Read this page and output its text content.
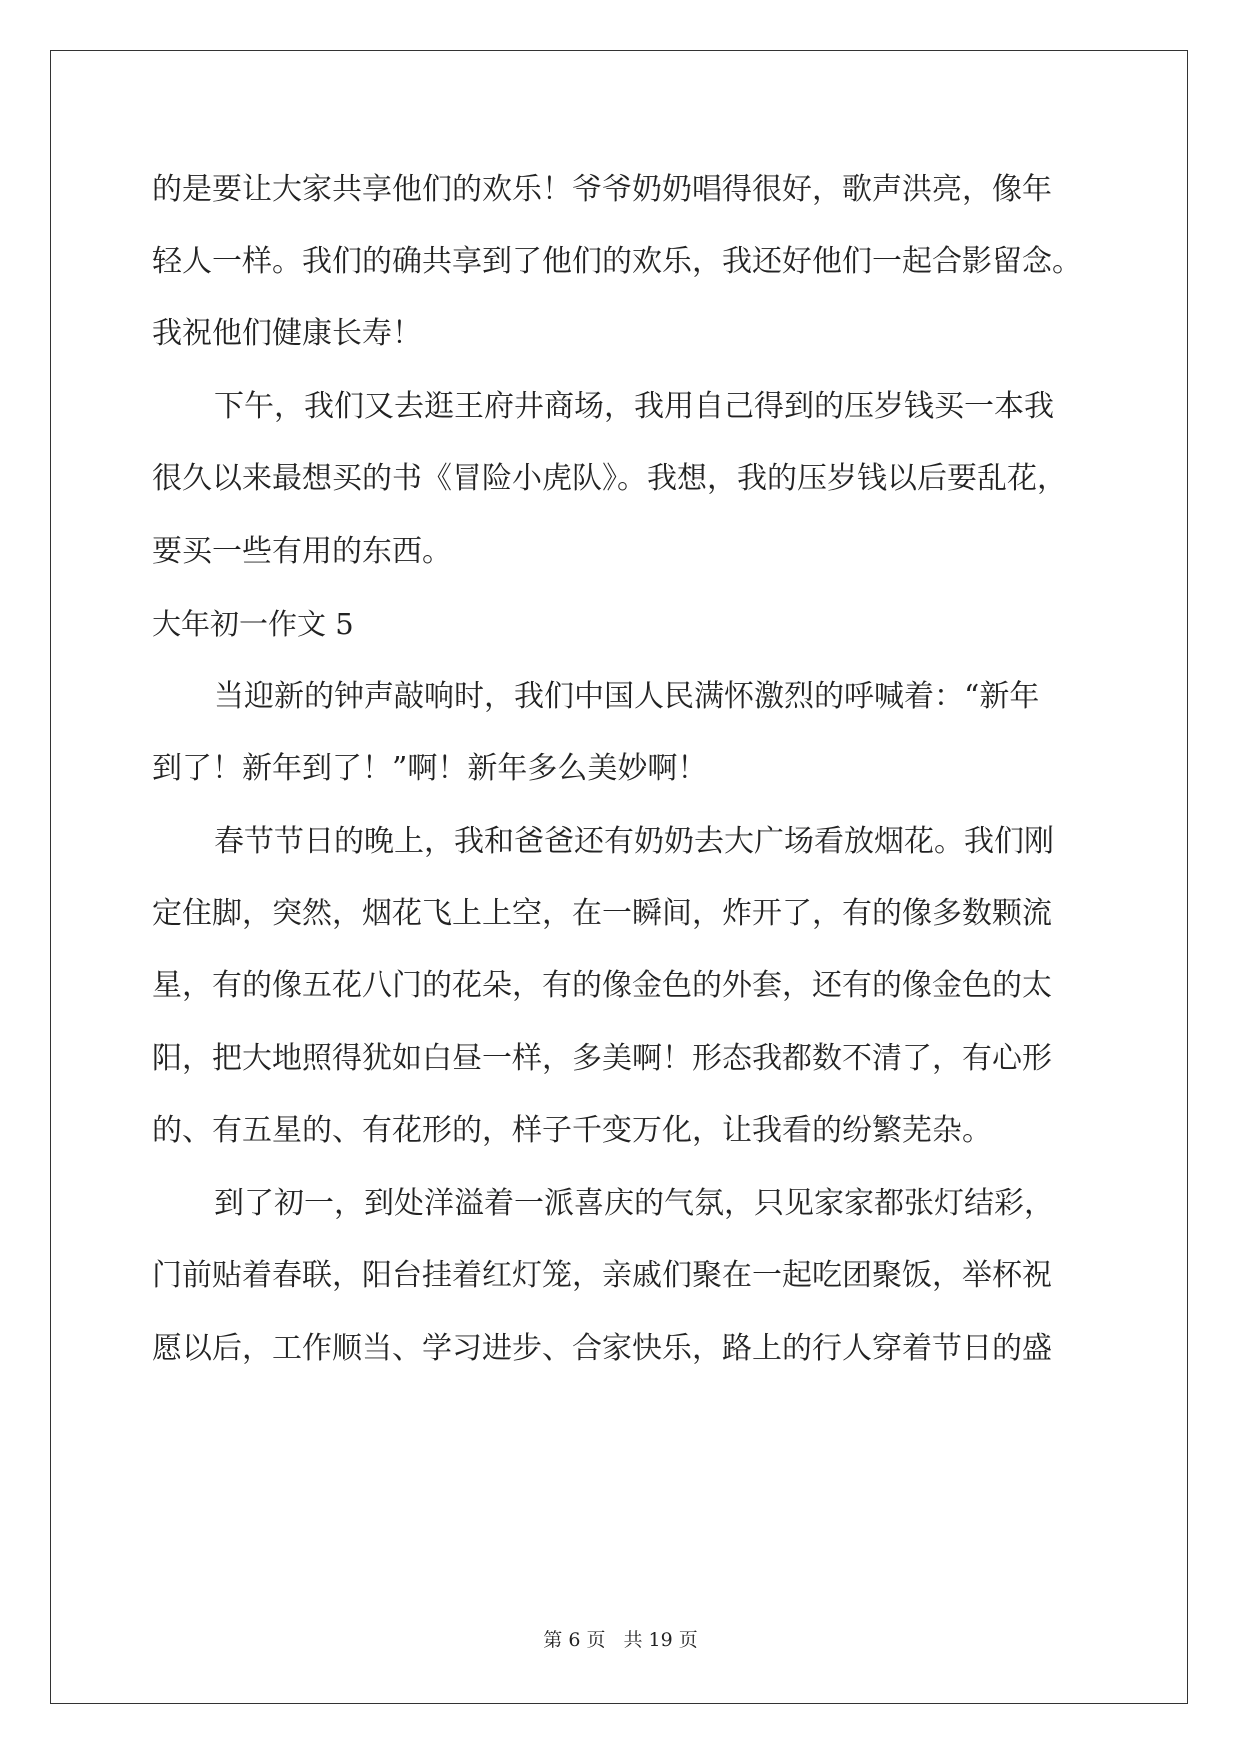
的是要让大家共享他们的欢乐！爷爷奶奶唱得很好，歌声洪亮，像年

轻人一样。我们的确共享到了他们的欢乐，我还好他们一起合影留念。

我祝他们健康长寿！

下午，我们又去逛王府井商场，我用自己得到的压岁钱买一本我

很久以来最想买的书《冒险小虎队》。我想，我的压岁钱以后要乱花，

要买一些有用的东西。

大年初一作文 5

当迎新的钟声敲响时，我们中国人民满怀激烈的呼喊着：“新年

到了！新年到了！”啊！新年多么美妙啊！

春节节日的晚上，我和爸爸还有奶奶去大广场看放烟花。我们刚

定住脚，突然，烟花飞上上空，在一瞬间，炸开了，有的像多数颗流

星，有的像五花八门的花朵，有的像金色的外套，还有的像金色的太

阳，把大地照得犹如白昼一样，多美啊！形态我都数不清了，有心形

的、有五星的、有花形的，样子千变万化，让我看的纷繁芜杂。

到了初一，到处洋溢着一派喜庆的气氛，只见家家都张灯结彩，

门前贴着春联，阳台挂着红灯笼，亲戚们聚在一起吃团聚饭，举杯祝

愿以后，工作顺当、学习进步、合家快乐，路上的行人穿着节日的盛

第 6 页 共 19 页
